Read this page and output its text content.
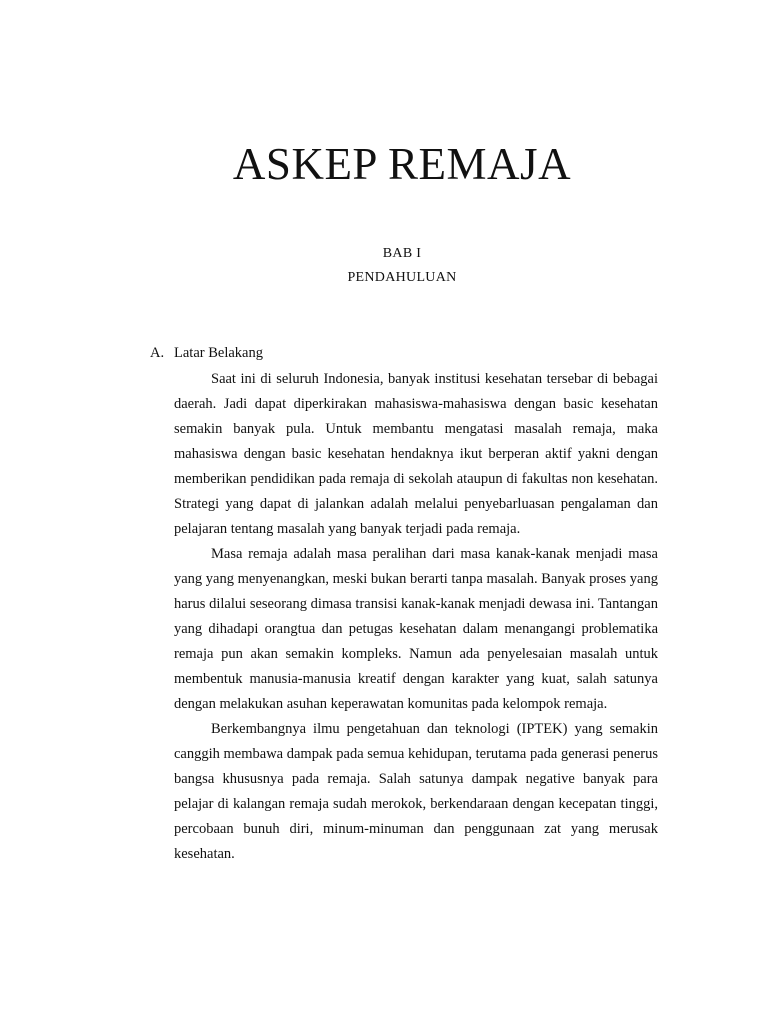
ASKEP REMAJA
BAB I
PENDAHULUAN
A. Latar Belakang

Saat ini di seluruh Indonesia, banyak institusi kesehatan tersebar di bebagai daerah. Jadi dapat diperkirakan mahasiswa-mahasiswa dengan basic kesehatan semakin banyak pula. Untuk membantu mengatasi masalah remaja, maka mahasiswa dengan basic kesehatan hendaknya ikut berperan aktif yakni dengan memberikan pendidikan pada remaja di sekolah ataupun di fakultas non kesehatan. Strategi yang dapat di jalankan adalah melalui penyebarluasan pengalaman dan pelajaran tentang masalah yang banyak terjadi pada remaja.

Masa remaja adalah masa peralihan dari masa kanak-kanak menjadi masa yang yang menyenangkan, meski bukan berarti tanpa masalah. Banyak proses yang harus dilalui seseorang dimasa transisi kanak-kanak menjadi dewasa ini. Tantangan yang dihadapi orangtua dan petugas kesehatan dalam menangangi problematika remaja pun akan semakin kompleks. Namun ada penyelesaian masalah untuk membentuk manusia-manusia kreatif dengan karakter yang kuat, salah satunya dengan melakukan asuhan keperawatan komunitas pada kelompok remaja.

Berkembangnya ilmu pengetahuan dan teknologi (IPTEK) yang semakin canggih membawa dampak pada semua kehidupan, terutama pada generasi penerus bangsa khususnya pada remaja. Salah satunya dampak negative banyak para pelajar di kalangan remaja sudah merokok, berkendaraan dengan kecepatan tinggi, percobaan bunuh diri, minum-minuman dan penggunaan zat yang merusak kesehatan.
